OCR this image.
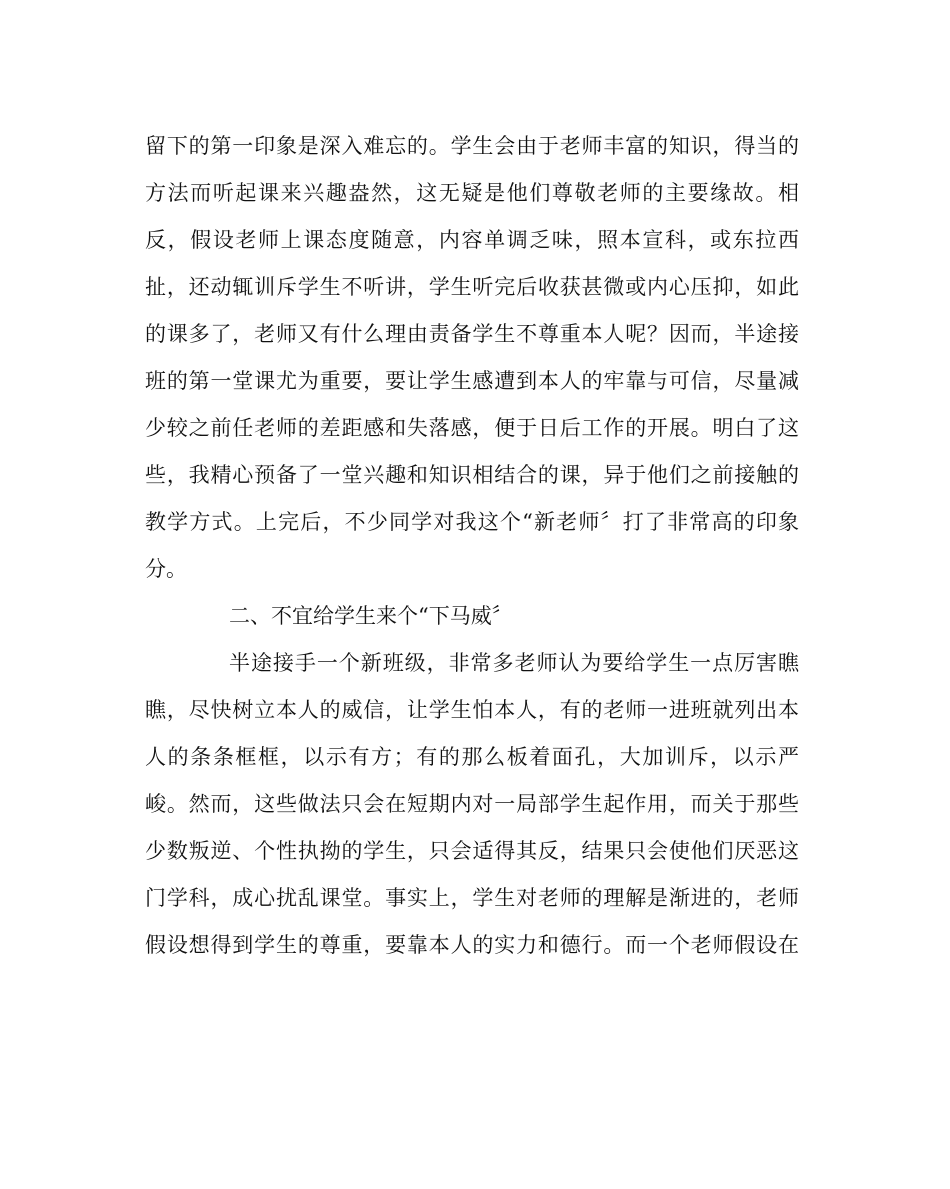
留下的第一印象是深入难忘的。学生会由于老师丰富的知识，得当的

方法而听起课来兴趣盎然，这无疑是他们尊敬老师的主要缘故。相

反，假设老师上课态度随意，内容单调乏味，照本宣科，或东拉西

扯，还动辄训斥学生不听讲，学生听完后收获甚微或内心压抑，如此

的课多了，老师又有什么理由责备学生不尊重本人呢？因而，半途接

班的第一堂课尤为重要，要让学生感遭到本人的牢靠与可信，尽量减

少较之前任老师的差距感和失落感，便于日后工作的开展。明白了这

些，我精心预备了一堂兴趣和知识相结合的课，异于他们之前接触的

教学方式。上完后，不少同学对我这个“新老师〞打了非常高的印象

分。

二、不宜给学生来个“下马威〞

半途接手一个新班级，非常多老师认为要给学生一点厉害瞧

瞧，尽快树立本人的威信，让学生怕本人，有的老师一进班就列出本

人的条条框框，以示有方；有的那么板着面孔，大加训斥，以示严

峻。然而，这些做法只会在短期内对一局部学生起作用，而关于那些

少数叛逆、个性执拗的学生，只会适得其反，结果只会使他们厌恶这

门学科，成心扰乱课堂。事实上，学生对老师的理解是渐进的，老师

假设想得到学生的尊重，要靠本人的实力和德行。而一个老师假设在
